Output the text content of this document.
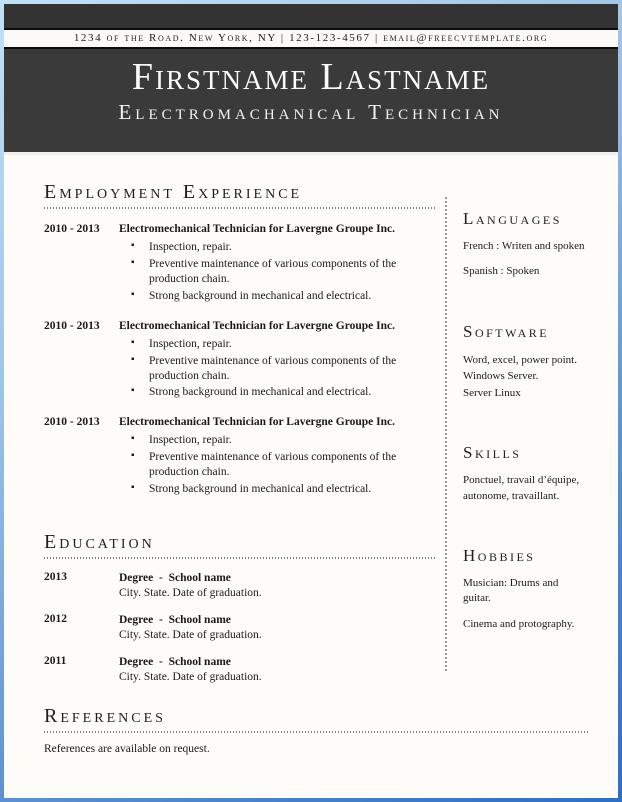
1234 of the Road. New York, NY | 123-123-4567 | email@freecvtemplate.org
Firstname Lastname
Electromachanical Technician
Employment Experience
2010 - 2013	Electromechanical Technician for Lavergne Groupe Inc.
▪ Inspection, repair.
▪ Preventive maintenance of various components of the production chain.
▪ Strong background in mechanical and electrical.
2010 - 2013	Electromechanical Technician for Lavergne Groupe Inc.
▪ Inspection, repair.
▪ Preventive maintenance of various components of the production chain.
▪ Strong background in mechanical and electrical.
2010 - 2013	Electromechanical Technician for Lavergne Groupe Inc.
▪ Inspection, repair.
▪ Preventive maintenance of various components of the production chain.
▪ Strong background in mechanical and electrical.
Education
2013	Degree  -  School name
City. State. Date of graduation.
2012	Degree  -  School name
City. State. Date of graduation.
2011	Degree  -  School name
City. State. Date of graduation.
Languages

French : Writen and spoken

Spanish : Spoken

Software

Word, excel, power point.

Windows Server.

Server Linux

Skills

Ponctuel, travail d’équipe, autonome, travaillant.

Hobbies

Musician: Drums and guitar.

Cinema and protography.

References

References are available on request.
